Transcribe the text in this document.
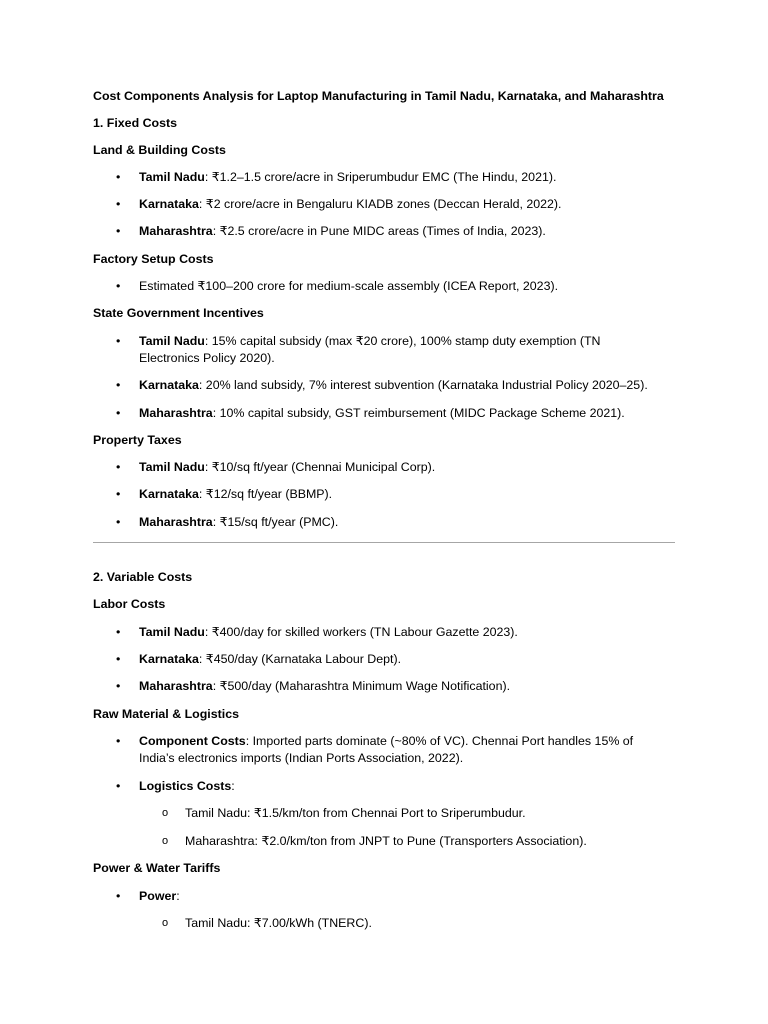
Cost Components Analysis for Laptop Manufacturing in Tamil Nadu, Karnataka, and Maharashtra
1. Fixed Costs
Land & Building Costs
• Tamil Nadu: ₹1.2–1.5 crore/acre in Sriperumbudur EMC (The Hindu, 2021).
• Karnataka: ₹2 crore/acre in Bengaluru KIADB zones (Deccan Herald, 2022).
• Maharashtra: ₹2.5 crore/acre in Pune MIDC areas (Times of India, 2023).
Factory Setup Costs
• Estimated ₹100–200 crore for medium-scale assembly (ICEA Report, 2023).
State Government Incentives
• Tamil Nadu: 15% capital subsidy (max ₹20 crore), 100% stamp duty exemption (TN
Electronics Policy 2020).
• Karnataka: 20% land subsidy, 7% interest subvention (Karnataka Industrial Policy 2020–25).
• Maharashtra: 10% capital subsidy, GST reimbursement (MIDC Package Scheme 2021).
Property Taxes
• Tamil Nadu: ₹10/sq ft/year (Chennai Municipal Corp).
• Karnataka: ₹12/sq ft/year (BBMP).
• Maharashtra: ₹15/sq ft/year (PMC).
2. Variable Costs
Labor Costs
• Tamil Nadu: ₹400/day for skilled workers (TN Labour Gazette 2023).
• Karnataka: ₹450/day (Karnataka Labour Dept).
• Maharashtra: ₹500/day (Maharashtra Minimum Wage Notification).
Raw Material & Logistics
• Component Costs: Imported parts dominate (~80% of VC). Chennai Port handles 15% of
India’s electronics imports (Indian Ports Association, 2022).
• Logistics Costs:
o Tamil Nadu: ₹1.5/km/ton from Chennai Port to Sriperumbudur.
o Maharashtra: ₹2.0/km/ton from JNPT to Pune (Transporters Association).
Power & Water Tariffs
• Power:
o Tamil Nadu: ₹7.00/kWh (TNERC).
